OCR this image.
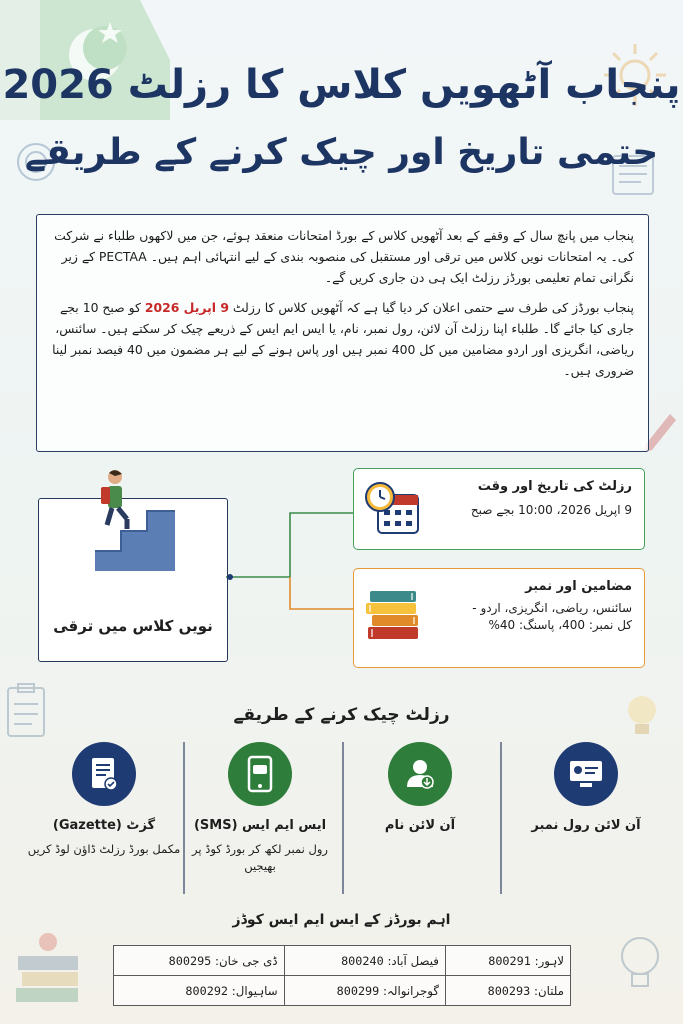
پنجاب آٹھویں کلاس کا رزلٹ 2026
حتمی تاریخ اور چیک کرنے کے طریقے

پنجاب میں پانچ سال کے وقفے کے بعد آٹھویں کلاس کے بورڈ امتحانات منعقد ہوئے، جن میں لاکھوں طلباء نے شرکت کی۔ یہ امتحانات نویں کلاس میں ترقی اور مستقبل کی منصوبہ بندی کے لیے انتہائی اہم ہیں۔ PECTAA کے زیر نگرانی تمام تعلیمی بورڈز رزلٹ ایک ہی دن جاری کریں گے۔

پنجاب بورڈز کی طرف سے حتمی اعلان کر دیا گیا ہے کہ آٹھویں کلاس کا رزلٹ 9 اپریل 2026 کو صبح 10 بجے جاری کیا جائے گا۔ طلباء اپنا رزلٹ آن لائن، رول نمبر، نام، یا ایس ایم ایس کے ذریعے چیک کر سکتے ہیں۔ سائنس، ریاضی، انگریزی اور اردو مضامین میں کل 400 نمبر ہیں اور پاس ہونے کے لیے ہر مضمون میں 40 فیصد نمبر لینا ضروری ہیں۔

نویں کلاس میں ترقی
رزلٹ کی تاریخ اور وقت
9 اپریل 2026، 10:00 بجے صبح
مضامین اور نمبر
سائنس، ریاضی، انگریزی، اردو -
کل نمبر: 400، پاسنگ: 40%
رزلٹ چیک کرنے کے طریقے
آن لائن رول نمبر
آن لائن نام
ایس ایم ایس (SMS)
رول نمبر لکھ کر بورڈ کوڈ پر بھیجیں
گزٹ (Gazette)
مکمل بورڈ رزلٹ ڈاؤن لوڈ کریں
اہم بورڈز کے ایس ایم ایس کوڈز
لاہور: 800291	فیصل آباد: 800240	ڈی جی خان: 800295
ملتان: 800293	گوجرانوالہ: 800299	ساہیوال: 800292
